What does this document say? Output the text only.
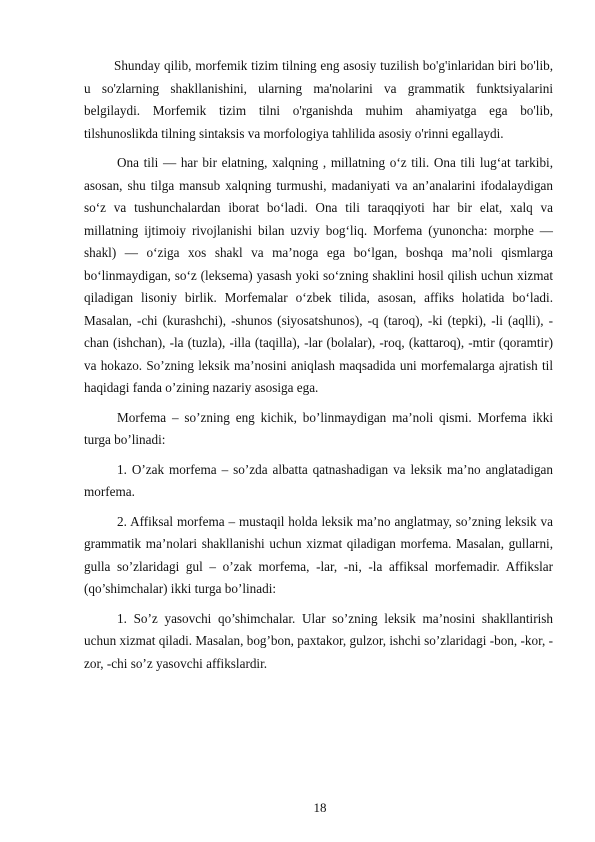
Shunday qilib, morfemik tizim tilning eng asosiy tuzilish bo'g'inlaridan biri bo'lib, u so'zlarning shakllanishini, ularning ma'nolarini va grammatik funktsiyalarini belgilaydi. Morfemik tizim tilni o'rganishda muhim ahamiyatga ega bo'lib, tilshunoslikda tilning sintaksis va morfologiya tahlilida asosiy o'rinni egallaydi.

Ona tili — har bir elatning, xalqning , millatning o‘z tili. Ona tili lug‘at tarkibi, asosan, shu tilga mansub xalqning turmushi, madaniyati va an’analarini ifodalaydigan so‘z va tushunchalardan iborat bo‘ladi. Ona tili taraqqiyoti har bir elat, xalq va millatning ijtimoiy rivojlanishi bilan uzviy bog‘liq. Morfema (yunoncha: morphe — shakl) — o‘ziga xos shakl va ma’noga ega bo‘lgan, boshqa ma’noli qismlarga bo‘linmaydigan, so‘z (leksema) yasash yoki so‘zning shaklini hosil qilish uchun xizmat qiladigan lisoniy birlik. Morfemalar o‘zbek tilida, asosan, affiks holatida bo‘ladi. Masalan, -chi (kurashchi), -shunos (siyosatshunos), -q (taroq), -ki (tepki), -li (aqlli), -chan (ishchan), -la (tuzla), -illa (taqilla), -lar (bolalar), -roq, (kattaroq), -mtir (qoramtir) va hokazo. So’zning leksik ma’nosini aniqlash maqsadida uni morfemalarga ajratish til haqidagi fanda o’zining nazariy asosiga ega.

Morfema – so’zning eng kichik, bo’linmaydigan ma’noli qismi. Morfema ikki turga bo’linadi:

1. O’zak morfema – so’zda albatta qatnashadigan va leksik ma’no anglatadigan morfema.

2. Affiksal morfema – mustaqil holda leksik ma’no anglatmay, so’zning leksik va grammatik ma’nolari shakllanishi uchun xizmat qiladigan morfema. Masalan, gullarni, gulla so’zlaridagi gul – o’zak morfema, -lar, -ni, -la affiksal morfemadir. Affikslar (qo’shimchalar) ikki turga bo’linadi:

1. So’z yasovchi qo’shimchalar. Ular so’zning leksik ma’nosini shakllantirish uchun xizmat qiladi. Masalan, bog’bon, paxtakor, gulzor, ishchi so’zlaridagi -bon, -kor, -zor, -chi so’z yasovchi affikslardir.

18
